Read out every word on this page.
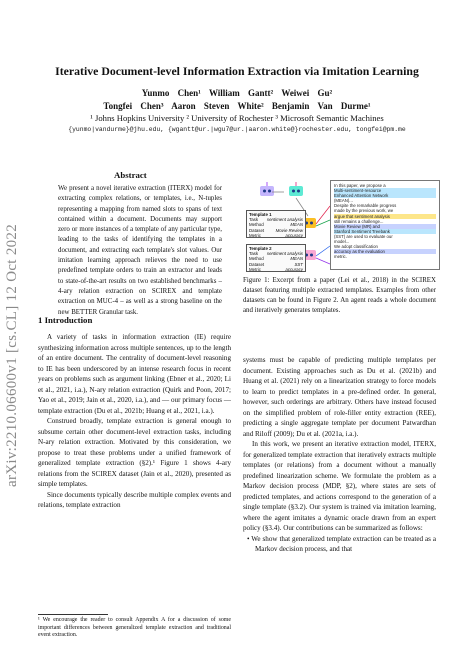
arXiv:2210.06600v1 [cs.CL] 12 Oct 2022
Iterative Document-level Information Extraction via Imitation Learning
Yunmo Chen¹ William Gantt² Weiwei Gu²
Tongfei Chen³ Aaron Steven White² Benjamin Van Durme¹
¹ Johns Hopkins University ² University of Rochester ³ Microsoft Semantic Machines
{yunmo|vandurme}@jhu.edu, {wgantt@ur.|wgu7@ur.|aaron.white@}rochester.edu, tongfei@pm.me
Abstract
We present a novel iterative extraction (ITERX) model for extracting complex relations, or templates, i.e., N-tuples representing a mapping from named slots to spans of text contained within a document. Documents may support zero or more instances of a template of any particular type, leading to the tasks of identifying the templates in a document, and extracting each template's slot values. Our imitation learning approach relieves the need to use predefined template orders to train an extractor and leads to state-of-the-art results on two established benchmarks – 4-ary relation extraction on SCIREX and template extraction on MUC-4 – as well as a strong baseline on the new BETTER Granular task.
1 Introduction

A variety of tasks in information extraction (IE) require synthesizing information across multiple sentences, up to the length of an entire document. The centrality of document-level reasoning to IE has been underscored by an intense research focus in recent years on problems such as argument linking (Ebner et al., 2020; Li et al., 2021, i.a.), N-ary relation extraction (Quirk and Poon, 2017; Yao et al., 2019; Jain et al., 2020, i.a.), and — our primary focus — template extraction (Du et al., 2021b; Huang et al., 2021, i.a.).

Construed broadly, template extraction is general enough to subsume certain other document-level extraction tasks, including N-ary relation extraction. Motivated by this consideration, we propose to treat these problems under a unified framework of generalized template extraction (§2).¹ Figure 1 shows 4-ary relations from the SCIREX dataset (Jain et al., 2020), presented as simple templates.

Since documents typically describe multiple complex events and relations, template extraction

¹ We encourage the reader to consult Appendix A for a discussion of some important differences between generalized template extraction and traditional event extraction.
Template 1
Task sentiment analysis
Method	MEAN
Dataset	Movie Review
Metric	accuracy
Template 2
Task sentiment analysis
Method	MEAN
Dataset	SST
Metric	accuracy
In this paper, we propose a
Multi-sentiment-resource
Enhanced Attention Network
(MEAN)...
Despite the remarkable progress
made by the previous work, we
argue that sentiment analysis
still remains a challenge...
Movie Review (MR) and
Stanford Sentiment Treebank
(SST) are used to evaluate our
model...
We adopt classification
accuracy as the evaluation
metric.
Figure 1: Excerpt from a paper (Lei et al., 2018) in the SCIREX dataset featuring multiple extracted templates. Examples from other datasets can be found in Figure 2. An agent reads a whole document and iteratively generates templates.

systems must be capable of predicting multiple templates per document. Existing approaches such as Du et al. (2021b) and Huang et al. (2021) rely on a linearization strategy to force models to learn to predict templates in a pre-defined order. In general, however, such orderings are arbitrary. Others have instead focused on the simplified problem of role-filler entity extraction (REE), predicting a single aggregate template per document Patwardhan and Riloff (2009); Du et al. (2021a, i.a.).

In this work, we present an iterative extraction model, ITERX, for generalized template extraction that iteratively extracts multiple templates (or relations) from a document without a manually predefined linearization scheme. We formulate the problem as a Markov decision process (MDP, §2), where states are sets of predicted templates, and actions correspond to the generation of a single template (§3.2). Our system is trained via imitation learning, where the agent imitates a dynamic oracle drawn from an expert policy (§3.4). Our contributions can be summarized as follows:

• We show that generalized template extraction can be treated as a Markov decision process, and that
